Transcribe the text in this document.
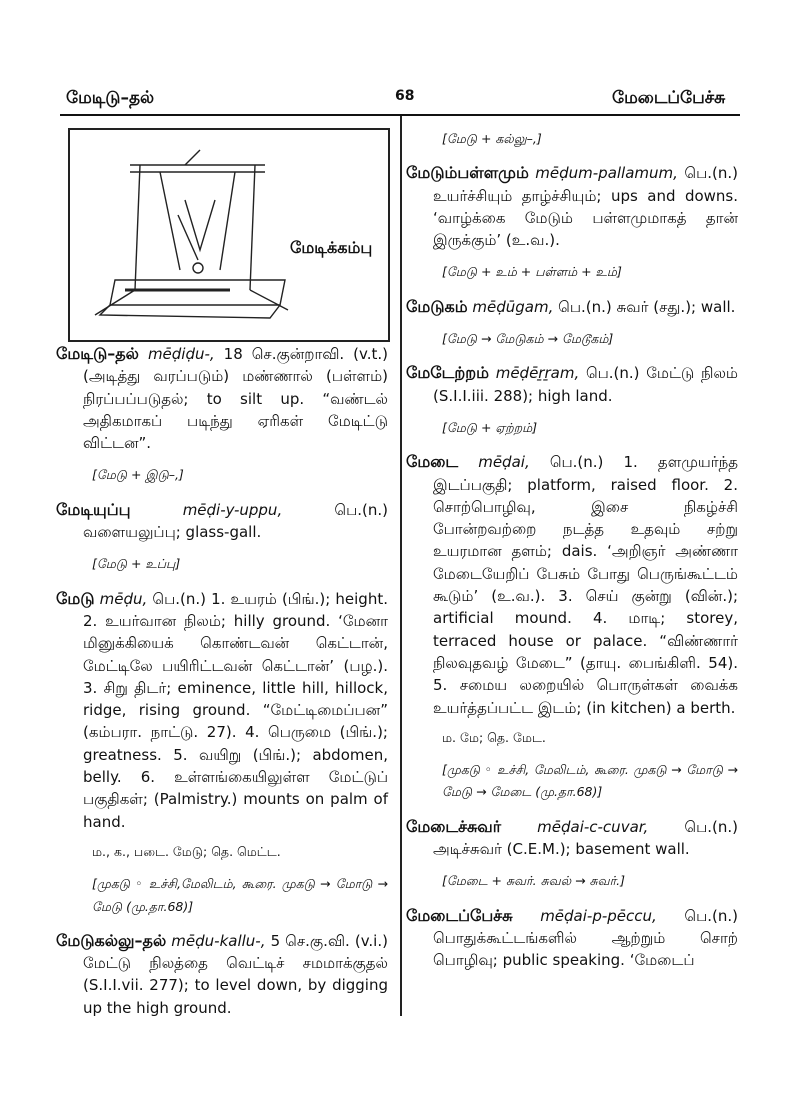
மேடிடு–தல்	68	மேடைப்பேச்சு
மேடிக்கம்பு
மேடிடு–தல் mēḍiḍu-, 18 செ.குன்றாவி. (v.t.) (அடித்து வரப்படும்) மண்ணால் (பள்ளம்) நிரப்பப்படுதல்; to silt up. “வண்டல் அதிகமாகப் படிந்து ஏரிகள் மேடிட்டு விட்டன”.
[மேடு + இடு–,]
மேடியுப்பு	mēḍi-y-uppu,	பெ.(n.) வளையலுப்பு; glass-gall.
[மேடு + உப்பு]
மேடு mēḍu, பெ.(n.) 1. உயரம் (பிங்.); height. 2. உயர்வான நிலம்; hilly ground. ‘மேனா மினுக்கியைக் கொண்டவன் கெட்டான், மேட்டிலே பயிரிட்டவன் கெட்டான்’ (பழ.). 3. சிறு திடர்; eminence, little hill, hillock, ridge, rising ground. “மேட்டிமைப்பன” (கம்பரா. நாட்டு. 27). 4. பெருமை (பிங்.); greatness. 5. வயிறு (பிங்.); abdomen, belly. 6. உள்ளங்கையிலுள்ள மேட்டுப் பகுதிகள்; (Palmistry.) mounts on palm of hand.
ம., க., படை. மேடு; தெ. மெட்ட.
[முகடு ◦ உச்சி,மேலிடம், கூரை. முகடு → மோடு → மேடு (மு.தா.68)]
மேடுகல்லு–தல் mēḍu-kallu-, 5 செ.கு.வி. (v.i.) மேட்டு நிலத்தை வெட்டிச் சமமாக்குதல் (S.I.I.vii. 277); to level down, by digging up the high ground.
[மேடு + கல்லு–,]
மேடும்பள்ளமும் mēḍum-pallamum, பெ.(n.) உயர்ச்சியும் தாழ்ச்சியும்; ups and downs. ‘வாழ்க்கை மேடும் பள்ளமுமாகத் தான் இருக்கும்’ (உ.வ.).
[மேடு + உம் + பள்ளம் + உம்]
மேடுகம் mēḍūgam, பெ.(n.) சுவர் (சது.); wall.
[மேடு → மேடுகம் → மேடூகம்]
மேடேற்றம் mēḍēṟṟam, பெ.(n.) மேட்டு நிலம் (S.I.I.iii. 288); high land.
[மேடு + ஏற்றம்]
மேடை mēḍai, பெ.(n.) 1. தளமுயர்ந்த இடப்பகுதி; platform, raised floor. 2. சொற்பொழிவு, இசை நிகழ்ச்சி போன்றவற்றை நடத்த உதவும் சற்று உயரமான தளம்; dais. ‘அறிஞர் அண்ணா மேடையேறிப் பேசும் போது பெருங்கூட்டம் கூடும்’ (உ.வ.). 3. செய் குன்று (வின்.); artificial mound. 4. மாடி; storey, terraced house or palace. “விண்ணார் நிலவுதவழ் மேடை” (தாயு. பைங்கிளி. 54). 5. சமைய லறையில் பொருள்கள் வைக்க உயர்த்தப்பட்ட இடம்; (in kitchen) a berth.
ம. மே; தெ. மேட.
[முகடு ◦ உச்சி, மேலிடம், கூரை. முகடு → மோடு → மேடு → மேடை (மு.தா.68)]
மேடைச்சுவர் mēḍai-c-cuvar, பெ.(n.) அடிச்சுவர் (C.E.M.); basement wall.
[மேடை + சுவர். சுவல் → சுவர்.]
மேடைப்பேச்சு mēḍai-p-pēccu, பெ.(n.) பொதுக்கூட்டங்களில் ஆற்றும் சொற் பொழிவு; public speaking. ‘மேடைப்
